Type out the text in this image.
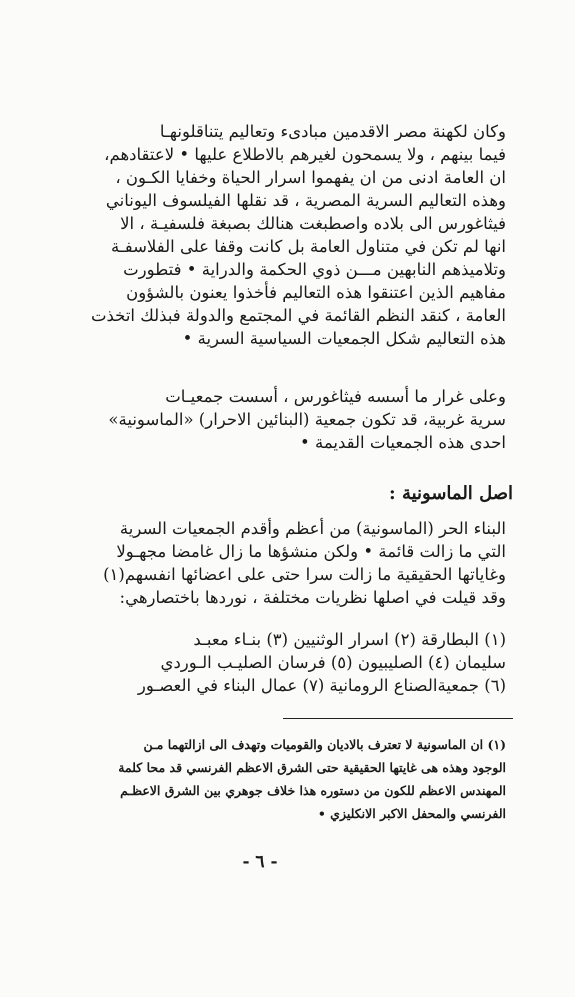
وكان لكهنة مصر الاقدمين مبادىء وتعاليم يتناقلونهـا
فيما بينهم ، ولا يسمحون لغيرهم بالاطلاع عليها • لاعتقادهم،
ان العامة ادنى من ان يفهموا اسرار الحياة وخفايا الكـون ،
وهذه التعاليم السرية المصرية ، قد نقلها الفيلسوف اليوناني
فيثاغورس الى بلاده واصطبغت هنالك بصبغة فلسفيـة ، الا
انها لم تكن في متناول العامة بل كانت وقفا على الفلاسفـة
وتلاميذهم النابهين مـــن ذوي الحكمة والدراية • فتطورت
مفاهيم الذين اعتنقوا هذه التعاليم فأخذوا يعنون بالشؤون
العامة ، كنقد النظم القائمة في المجتمع والدولة فبذلك اتخذت
هذه التعاليم شكل الجمعيات السياسية السرية •
وعلى غرار ما أسسه فيثاغورس ، أسست جمعيـات
سرية غربية، قد تكون جمعية (البنائين الاحرار) «الماسونية»
احدى هذه الجمعيات القديمة •
اصل الماسونية :
البناء الحر (الماسونية) من أعظم وأقدم الجمعيات السرية
التي ما زالت قائمة • ولكن منشؤها ما زال غامضا مجهـولا
وغاياتها الحقيقية ما زالت سرا حتى على اعضائها انفسهم(١)
وقد قيلت في اصلها نظريات مختلفة ، نوردها باختصارهي:
(١) البطارقة (٢) اسرار الوثنيين (٣) بنـاء معبـد
سليمان (٤) الصليبيون (٥) فرسان الصليـب الـوردي
(٦) جمعيةالصناع الرومانية (٧) عمال البناء في العصـور
(١) ان الماسونية لا تعترف بالاديان والقوميات وتهدف الى ازالتهما مـن
الوجود وهذه هى غايتها الحقيقية حتى الشرق الاعظم الفرنسي قد محا كلمة
المهندس الاعظم للكون من دستوره هذا خلاف جوهري بين الشرق الاعظـم
الفرنسي والمحفل الاكبر الانكليزي •
- ٦ -
